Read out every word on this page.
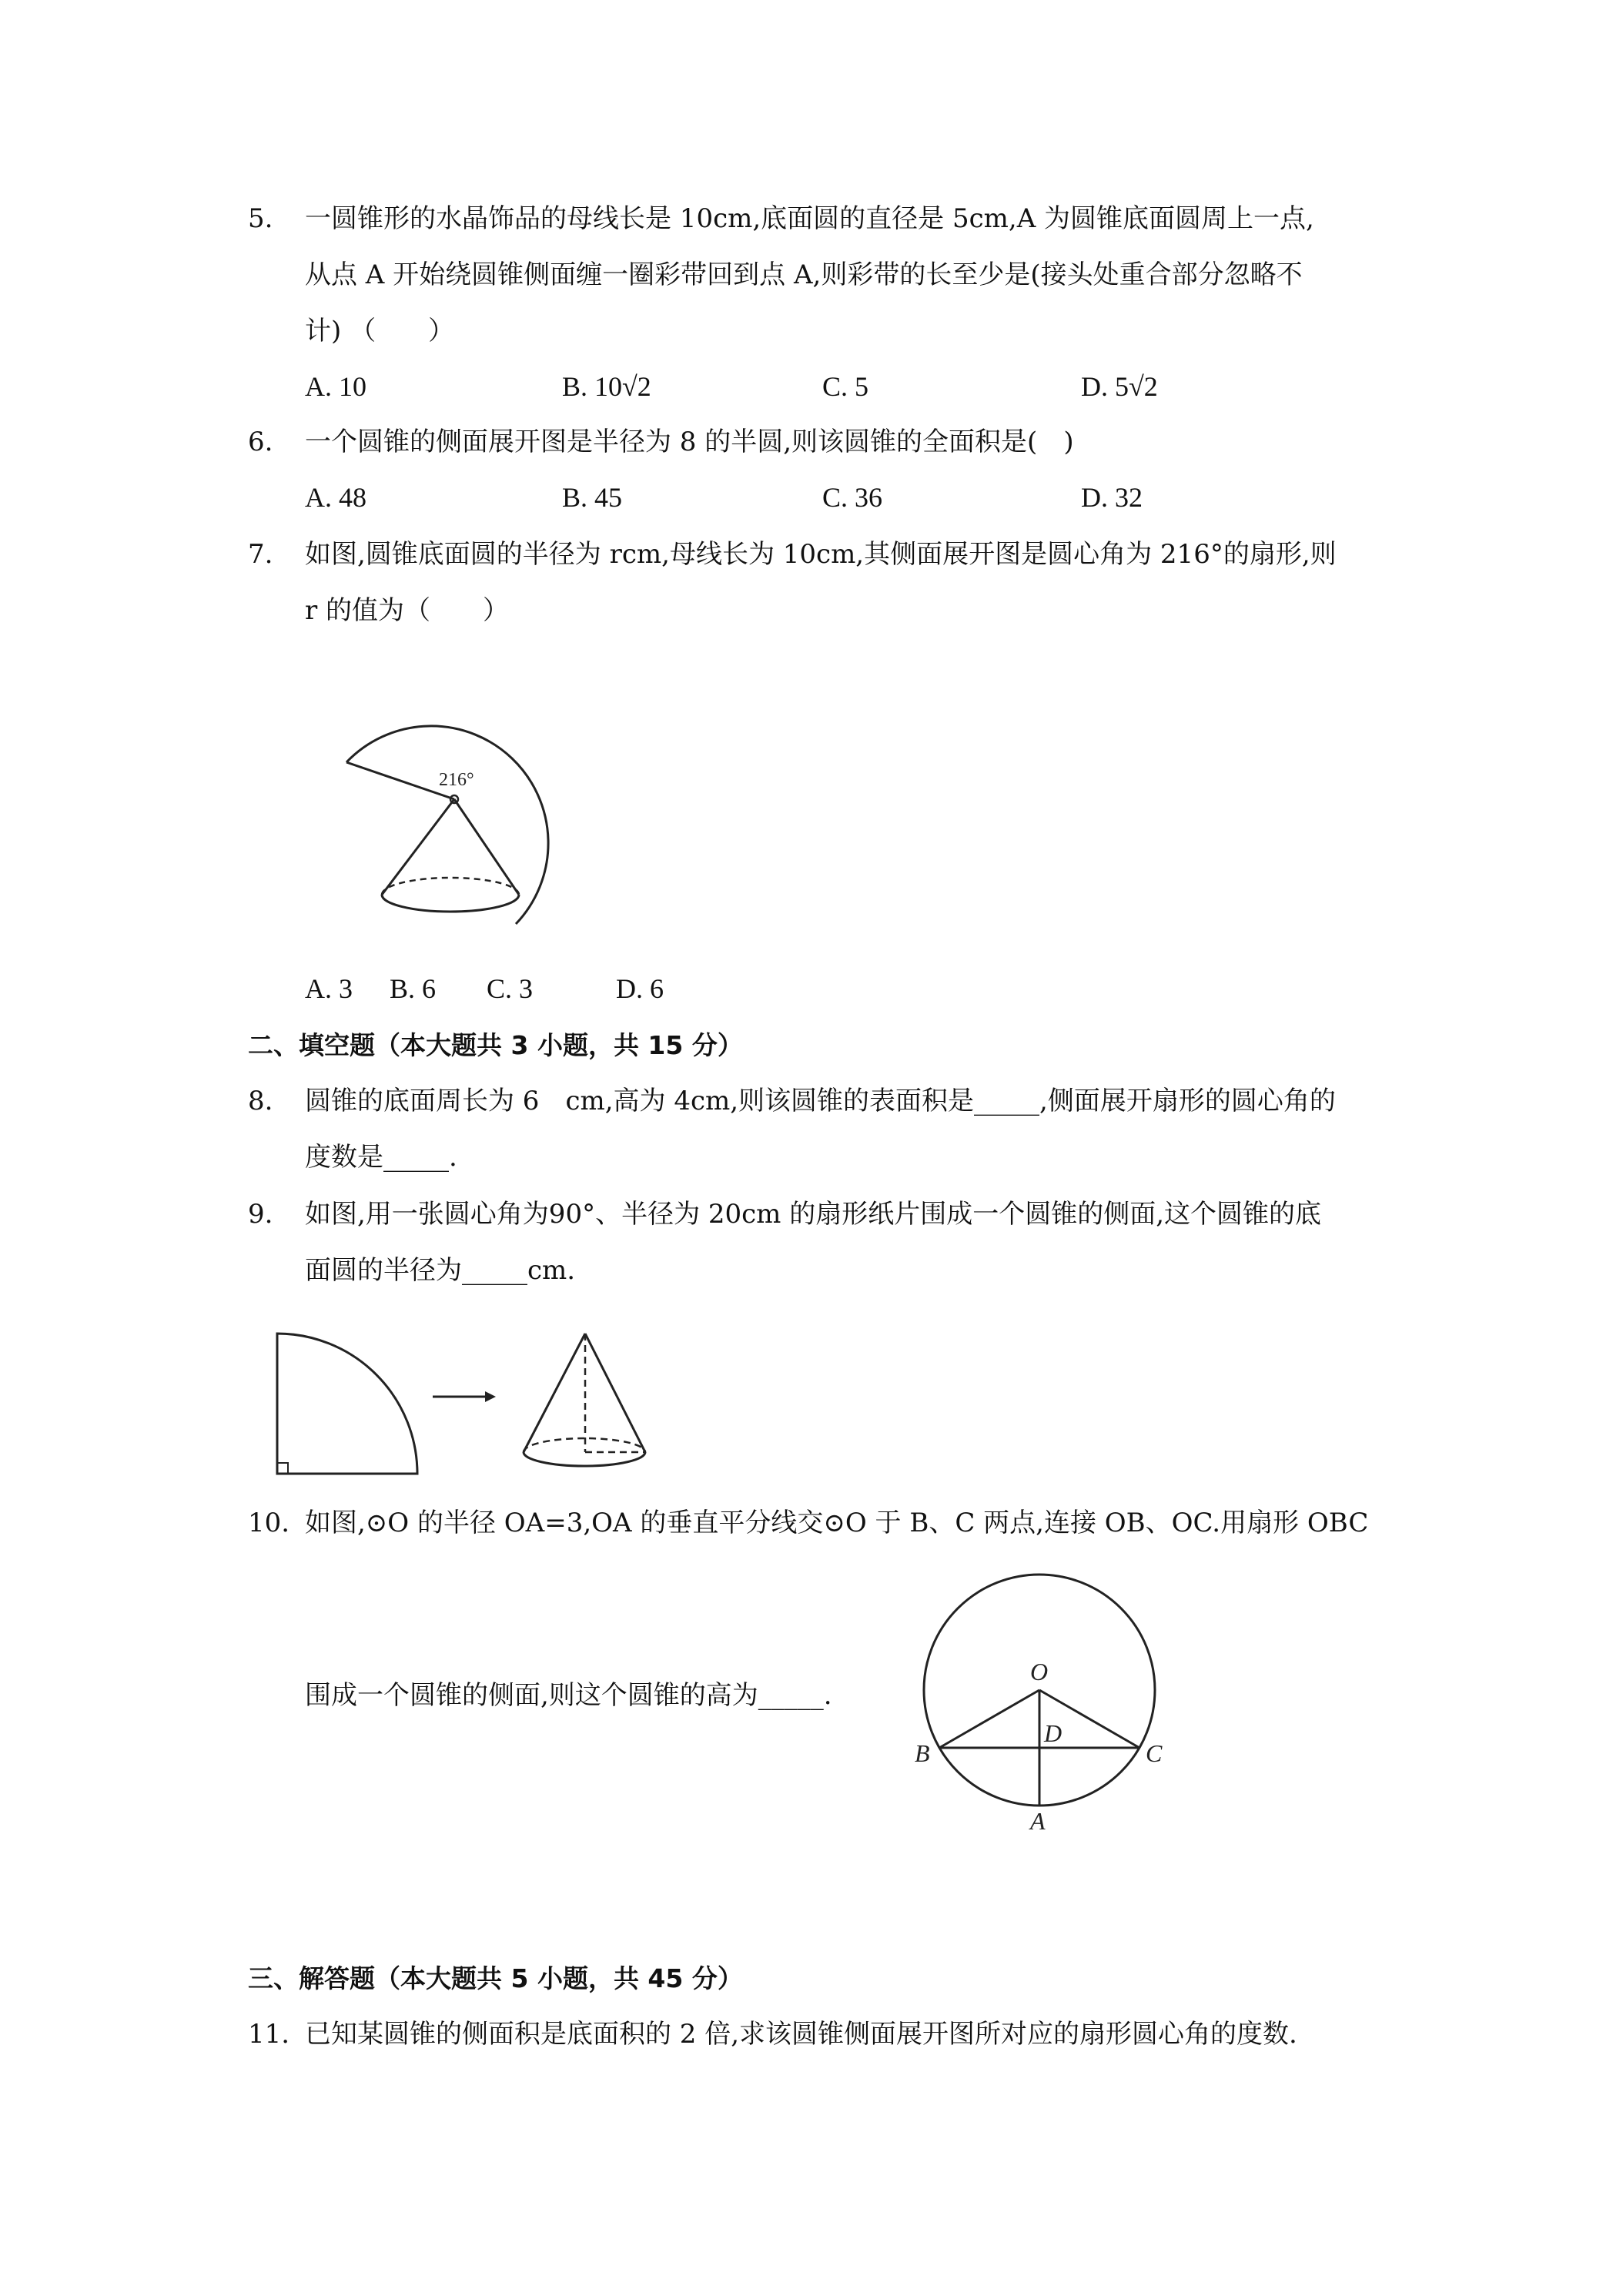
5. 一圆锥形的水晶饰品的母线长是 10cm,底面圆的直径是 5cm,A 为圆锥底面圆周上一点,
从点 A 开始绕圆锥侧面缠一圈彩带回到点 A,则彩带的长至少是(接头处重合部分忽略不
计) （　　）
A. 10	B. 10√2	C. 5	D. 5√2
6. 一个圆锥的侧面展开图是半径为 8 的半圆,则该圆锥的全面积是(　)
A. 48	B. 45	C. 36	D. 32
7. 如图,圆锥底面圆的半径为 rcm,母线长为 10cm,其侧面展开图是圆心角为 216°的扇形,则
r 的值为（　　）
216°
A. 3 B. 6 C. 3	D. 6
二、填空题（本大题共 3 小题，共 15 分）
8. 圆锥的底面周长为 6　cm,高为 4cm,则该圆锥的表面积是_____,侧面展开扇形的圆心角的
度数是_____.
9. 如图,用一张圆心角为90°、半径为 20cm 的扇形纸片围成一个圆锥的侧面,这个圆锥的底
面圆的半径为_____cm.
10. 如图,⊙O 的半径 OA=3,OA 的垂直平分线交⊙O 于 B、C 两点,连接 OB、OC.用扇形 OBC
围成一个圆锥的侧面,则这个圆锥的高为_____.
O
D
B	C
A
三、解答题（本大题共 5 小题，共 45 分）
11. 已知某圆锥的侧面积是底面积的 2 倍,求该圆锥侧面展开图所对应的扇形圆心角的度数.
